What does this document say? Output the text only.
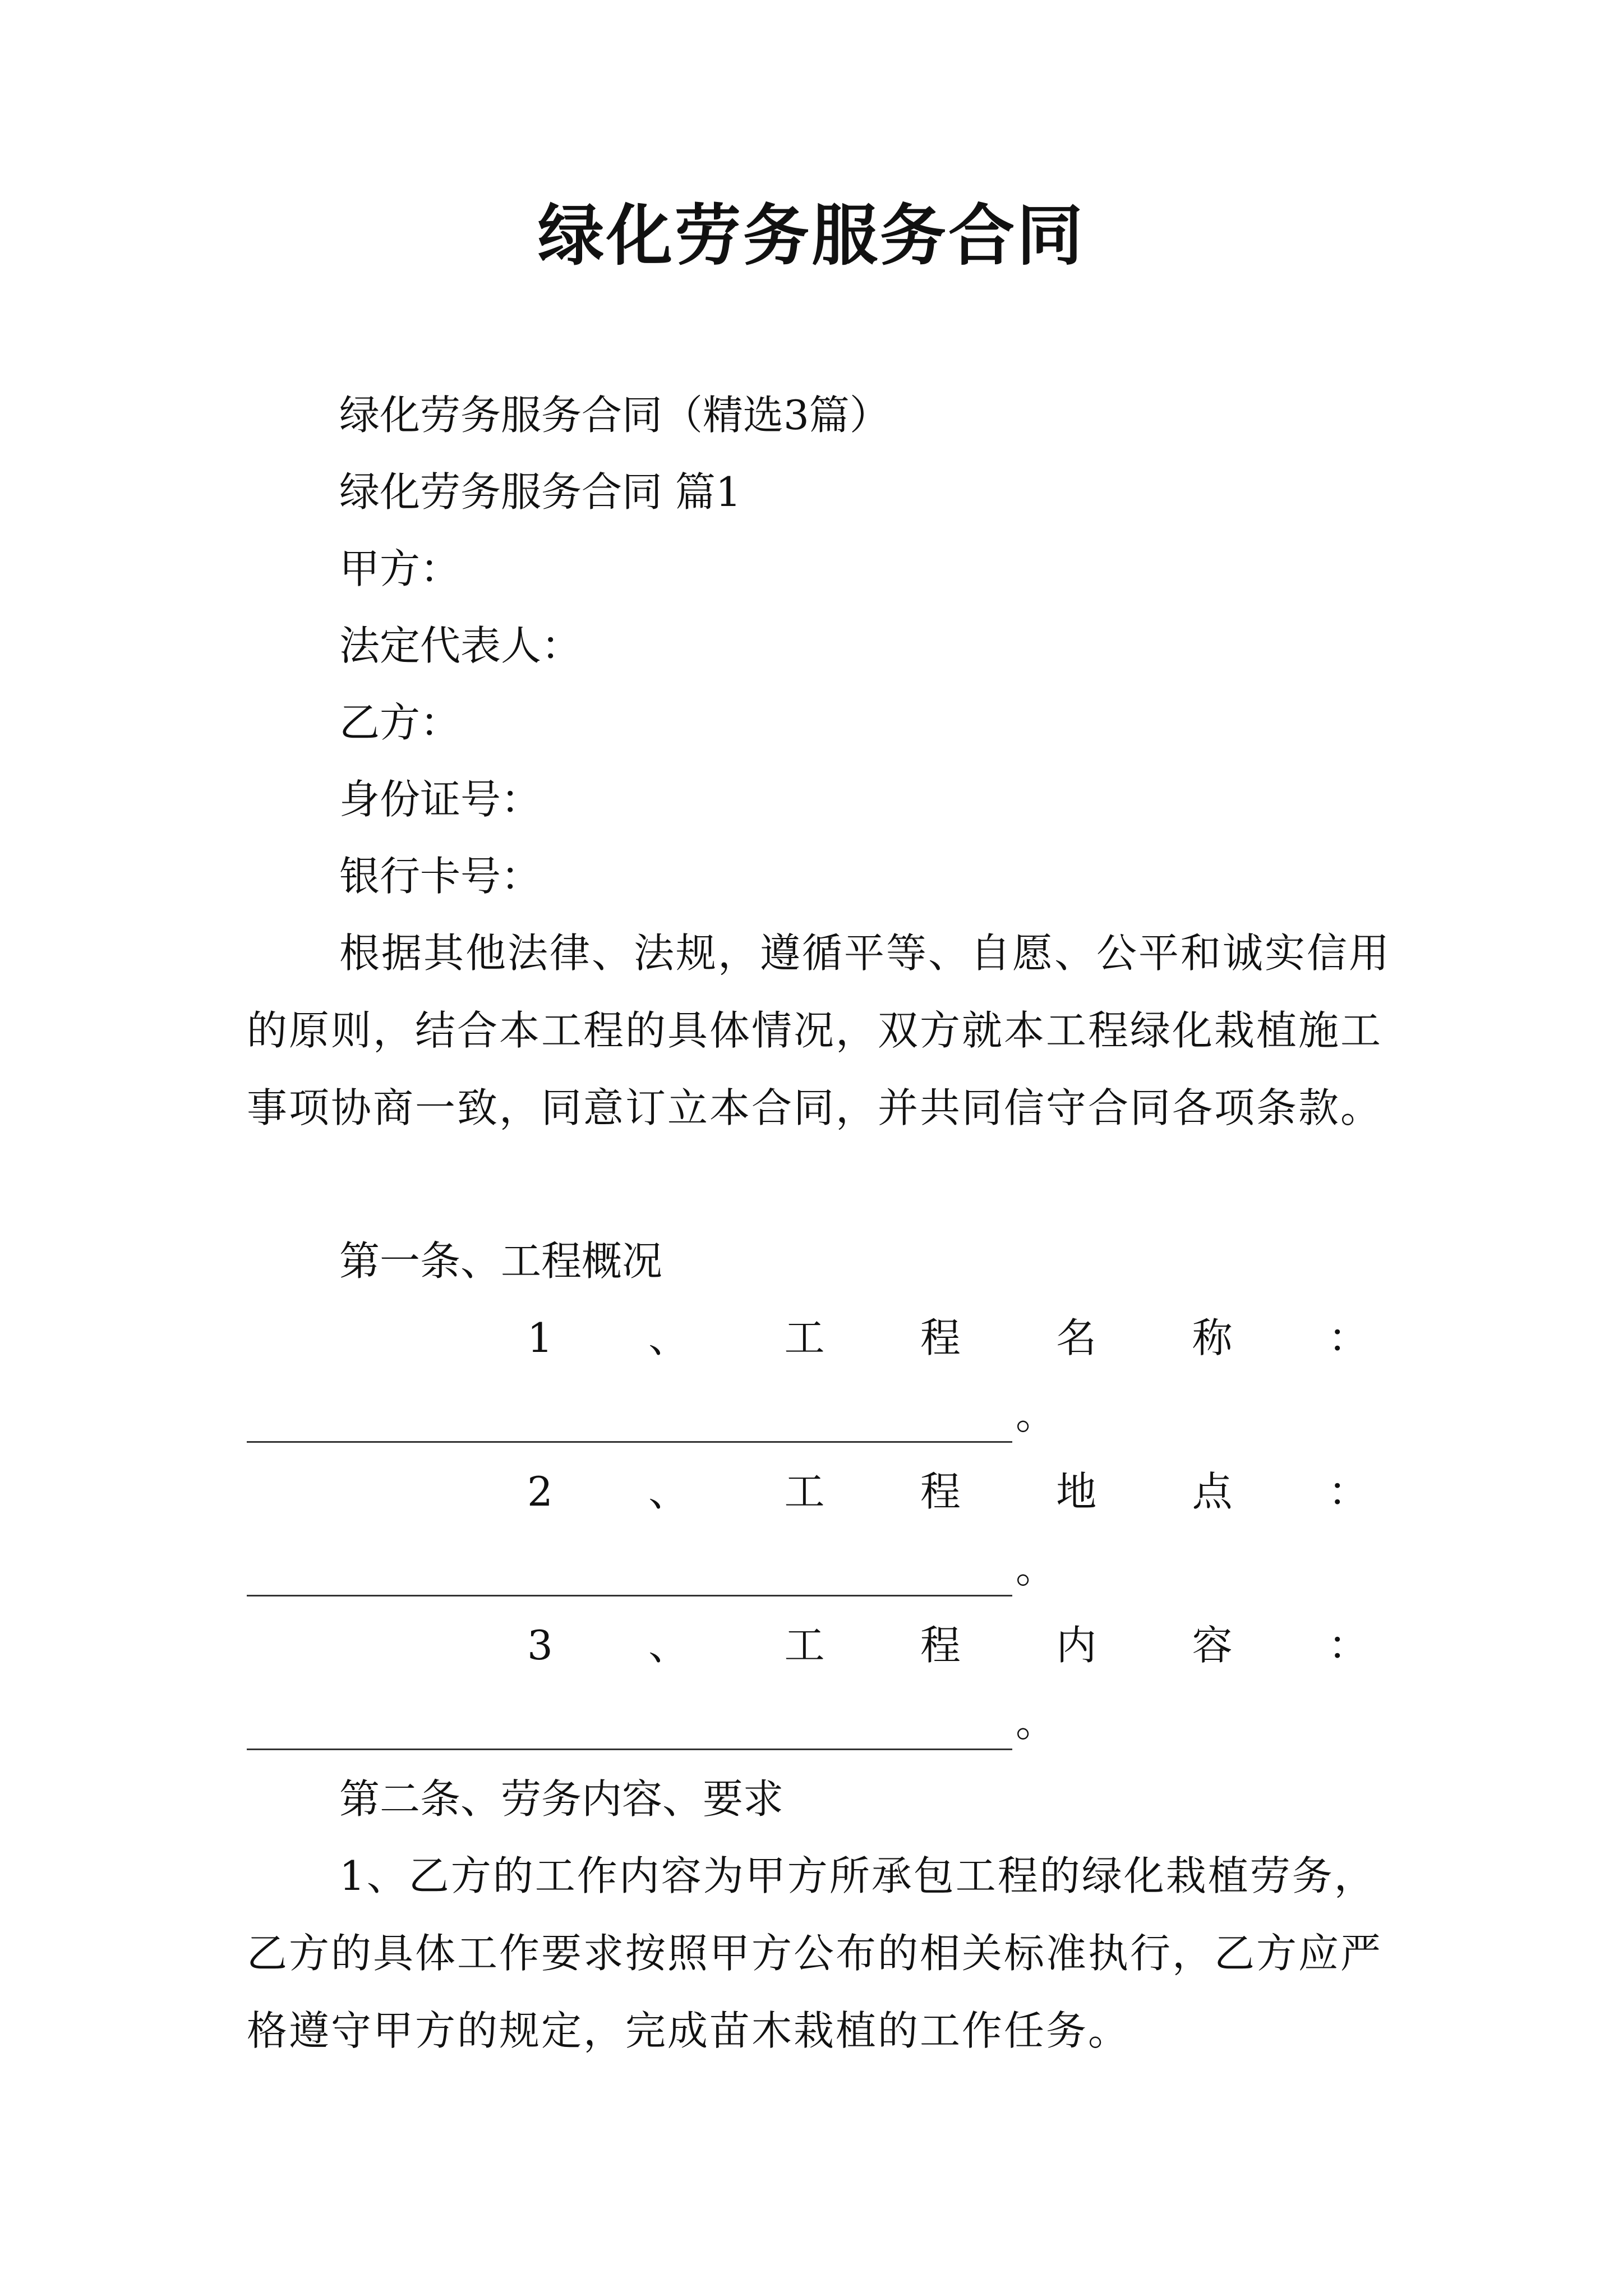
绿化劳务服务合同
绿化劳务服务合同（精选3篇）
绿化劳务服务合同 篇1
甲方：
法定代表人：
乙方：
身份证号：
银行卡号：

根据其他法律、法规，遵循平等、自愿、公平和诚实信用的原则，结合本工程的具体情况，双方就本工程绿化栽植施工事项协商一致，同意订立本合同，并共同信守合同各项条款。

第一条、工程概况
1 、 工 程 名 称 ：
。
2 、 工 程 地 点 ：
。
3 、 工 程 内 容 ：
。
第二条、劳务内容、要求

1、乙方的工作内容为甲方所承包工程的绿化栽植劳务，乙方的具体工作要求按照甲方公布的相关标准执行，乙方应严格遵守甲方的规定，完成苗木栽植的工作任务。
